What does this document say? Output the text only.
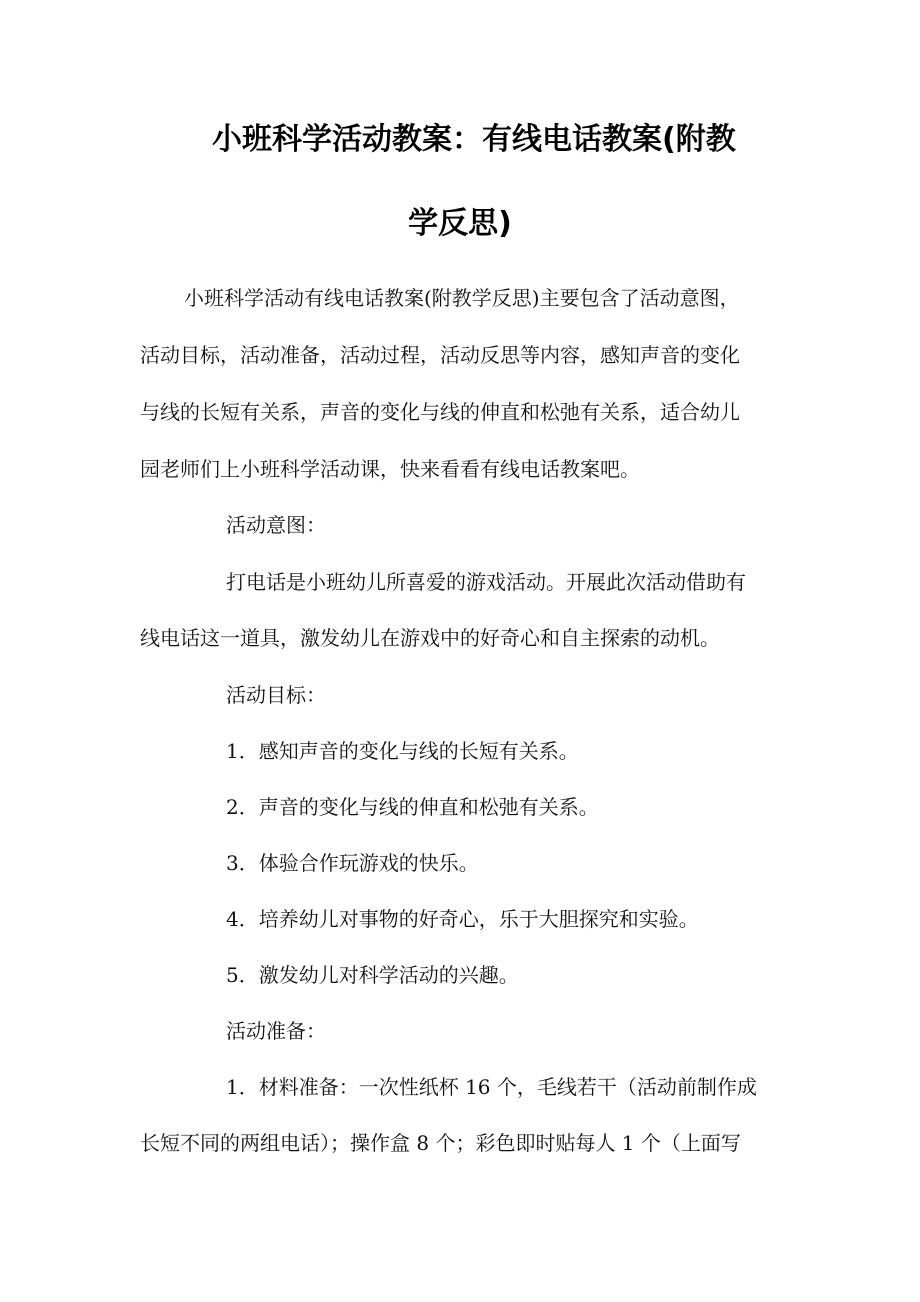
小班科学活动教案：有线电话教案(附教
学反思)
小班科学活动有线电话教案(附教学反思)主要包含了活动意图，
活动目标，活动准备，活动过程，活动反思等内容，感知声音的变化
与线的长短有关系，声音的变化与线的伸直和松弛有关系，适合幼儿
园老师们上小班科学活动课，快来看看有线电话教案吧。
活动意图：
打电话是小班幼儿所喜爱的游戏活动。开展此次活动借助有
线电话这一道具，激发幼儿在游戏中的好奇心和自主探索的动机。
活动目标：
1．感知声音的变化与线的长短有关系。
2．声音的变化与线的伸直和松弛有关系。
3．体验合作玩游戏的快乐。
4．培养幼儿对事物的好奇心，乐于大胆探究和实验。
5．激发幼儿对科学活动的兴趣。
活动准备：
1．材料准备：一次性纸杯 16 个，毛线若干（活动前制作成
长短不同的两组电话）；操作盒 8 个；彩色即时贴每人 1 个（上面写
